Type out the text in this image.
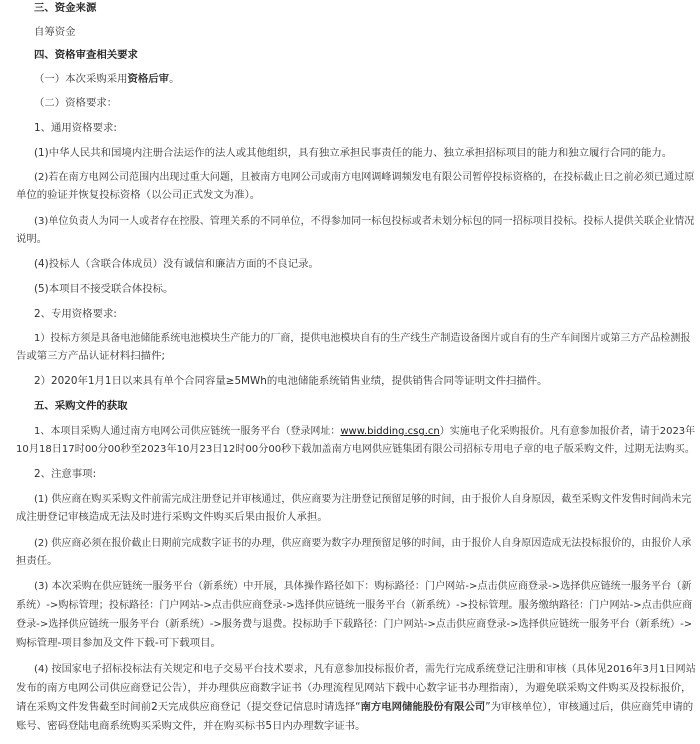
三、资金来源
自筹资金
四、资格审查相关要求
（一）本次采购采用资格后审。
（二）资格要求：
1、通用资格要求:
(1)中华人民共和国境内注册合法运作的法人或其他组织，具有独立承担民事责任的能力、独立承担招标项目的能力和独立履行合同的能力。
(2)若在南方电网公司范围内出现过重大问题，且被南方电网公司或南方电网调峰调频发电有限公司暂停投标资格的，在投标截止日之前必须已通过原
单位的验证并恢复投标资格（以公司正式发文为准）。
(3)单位负责人为同一人或者存在控股、管理关系的不同单位，不得参加同一标包投标或者未划分标包的同一招标项目投标。投标人提供关联企业情况
说明。
(4)投标人（含联合体成员）没有诚信和廉洁方面的不良记录。
(5)本项目不接受联合体投标。
2、专用资格要求:
1）投标方须是具备电池储能系统电池模块生产能力的厂商，提供电池模块自有的生产线生产制造设备图片或自有的生产车间图片或第三方产品检测报
告或第三方产品认证材料扫描件;
2）2020年1月1日以来具有单个合同容量≥5MWh的电池储能系统销售业绩，提供销售合同等证明文件扫描件。
五、采购文件的获取
1、本项目采购人通过南方电网公司供应链统一服务平台（登录网址：www.bidding.csg.cn）实施电子化采购报价。凡有意参加报价者，请于2023年
10月18日17时00分00秒至2023年10月23日12时00分00秒下载加盖南方电网供应链集团有限公司招标专用电子章的电子版采购文件，过期无法购买。
2、注意事项:
(1) 供应商在购买采购文件前需完成注册登记并审核通过，供应商要为注册登记预留足够的时间，由于报价人自身原因，截至采购文件发售时间尚未完
成注册登记审核造成无法及时进行采购文件购买后果由报价人承担。
(2) 供应商必须在报价截止日期前完成数字证书的办理，供应商要为数字办理预留足够的时间，由于报价人自身原因造成无法投标报价的，由报价人承
担责任。
(3) 本次采购在供应链统一服务平台（新系统）中开展，具体操作路径如下：购标路径：门户网站->点击供应商登录->选择供应链统一服务平台（新
系统）->购标管理；投标路径：门户网站->点击供应商登录->选择供应链统一服务平台（新系统）->投标管理。服务缴纳路径：门户网站->点击供应商
登录->选择供应链统一服务平台（新系统）->服务费与退费。投标助手下载路径：门户网站->点击供应商登录->选择供应链统一服务平台（新系统）->
购标管理-项目参加及文件下载-可下载项目。
(4) 按国家电子招标投标法有关规定和电子交易平台技术要求，凡有意参加投标报价者，需先行完成系统登记注册和审核（具体见2016年3月1日网站
发布的南方电网公司供应商登记公告），并办理供应商数字证书（办理流程见网站下载中心数字证书办理指南），为避免联采购文件购买及投标报价，
请在采购文件发售截至时间前2天完成供应商登记（提交登记信息时请选择“南方电网储能股份有限公司”为审核单位），审核通过后，供应商凭申请的
账号、密码登陆电商系统购买采购文件，并在购买标书5日内办理数字证书。
